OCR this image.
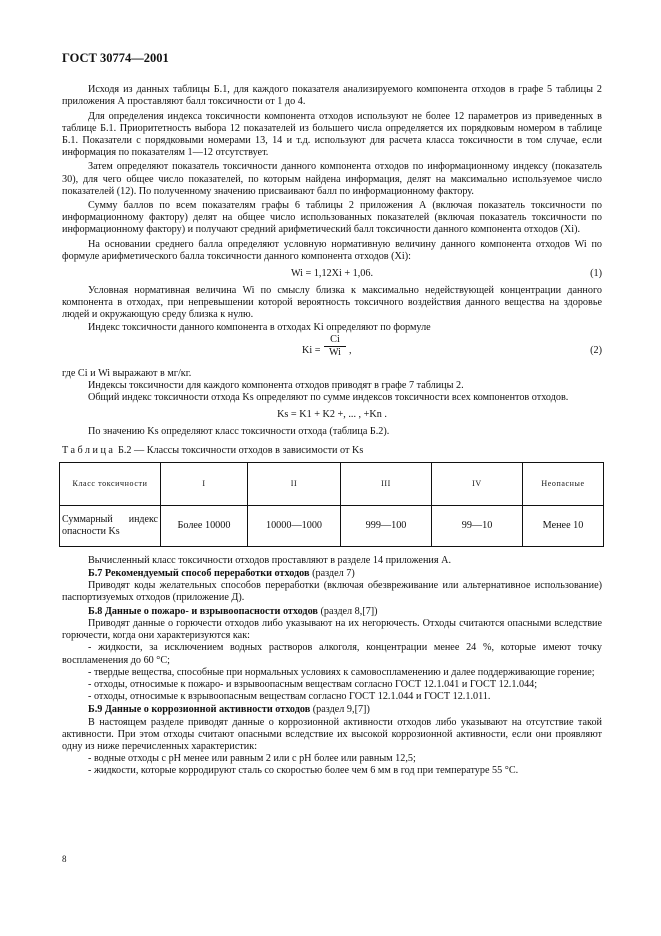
ГОСТ 30774—2001

Исходя из данных таблицы Б.1, для каждого показателя анализируемого компонента отходов в графе 5 таблицы 2 приложения А проставляют балл токсичности от 1 до 4.

Для определения индекса токсичности компонента отходов используют не более 12 параметров из приведенных в таблице Б.1. Приоритетность выбора 12 показателей из большего числа определяется их порядковым номером в таблице Б.1. Показатели с порядковыми номерами 13, 14 и т.д. используют для расчета класса токсичности в том случае, если информация по показателям 1—12 отсутствует.

Затем определяют показатель токсичности данного компонента отходов по информационному индексу (показатель 30), для чего общее число показателей, по которым найдена информация, делят на максимально используемое число показателей (12). По полученному значению присваивают балл по информационному фактору.

Сумму баллов по всем показателям графы 6 таблицы 2 приложения А (включая показатель токсичности по информационному фактору) делят на общее число использованных показателей (включая показатель токсичности по информационному фактору) и получают средний арифметический балл токсичности данного компонента отходов (Xi).

На основании среднего балла определяют условную нормативную величину данного компонента отходов Wi по формуле арифметического балла токсичности данного компонента отходов (Xi):

Wi = 1,12Xi + 1,06.	(1)

Условная нормативная величина Wi по смыслу близка к максимально недействующей концентрации данного компонента в отходах, при непревышении которой вероятность токсичного воздействия данного вещества на здоровье людей и окружающую среду близка к нулю.

Индекс токсичности данного компонента в отходах Ki определяют по формуле

$Ki = \frac{Ci}{Wi}$ ,	(2)

где Ci и Wi выражают в мг/кг.

Индексы токсичности для каждого компонента отходов приводят в графе 7 таблицы 2.

Общий индекс токсичности отхода Ks определяют по сумме индексов токсичности всех компонентов отходов.

Ks = K1 + K2 +, ... , +Kn .

По значению Ks определяют класс токсичности отхода (таблица Б.2).

Таблица Б.2 — Классы токсичности отходов в зависимости от Ks
Класс токсичности	I	II	III	IV	Неопасные
Суммарный индекс опасности Ks	Более 10000	10000—1000	999—100	99—10	Менее 10

Вычисленный класс токсичности отходов проставляют в разделе 14 приложения А.

Б.7 Рекомендуемый способ переработки отходов (раздел 7)

Приводят коды желательных способов переработки (включая обезвреживание или альтернативное использование) паспортизуемых отходов (приложение Д).

Б.8 Данные о пожаро- и взрывоопасности отходов (раздел 8,[7])

Приводят данные о горючести отходов либо указывают на их негорючесть. Отходы считаются опасными вследствие горючести, когда они характеризуются как:

- жидкости, за исключением водных растворов алкоголя, концентрации менее 24 %, которые имеют точку воспламенения до 60 °С;

- твердые вещества, способные при нормальных условиях к самовоспламенению и далее поддерживающие горение;

- отходы, относимые к пожаро- и взрывоопасным веществам согласно ГОСТ 12.1.041 и ГОСТ 12.1.044;

- отходы, относимые к взрывоопасным веществам согласно ГОСТ 12.1.044 и ГОСТ 12.1.011.

Б.9 Данные о коррозионной активности отходов (раздел 9,[7])

В настоящем разделе приводят данные о коррозионной активности отходов либо указывают на отсутствие такой активности. При этом отходы считают опасными вследствие их высокой коррозионной активности, если они проявляют одну из ниже перечисленных характеристик:

- водные отходы с pH менее или равным 2 или с pH более или равным 12,5;

- жидкости, которые корродируют сталь со скоростью более чем 6 мм в год при температуре 55 °С.

8
